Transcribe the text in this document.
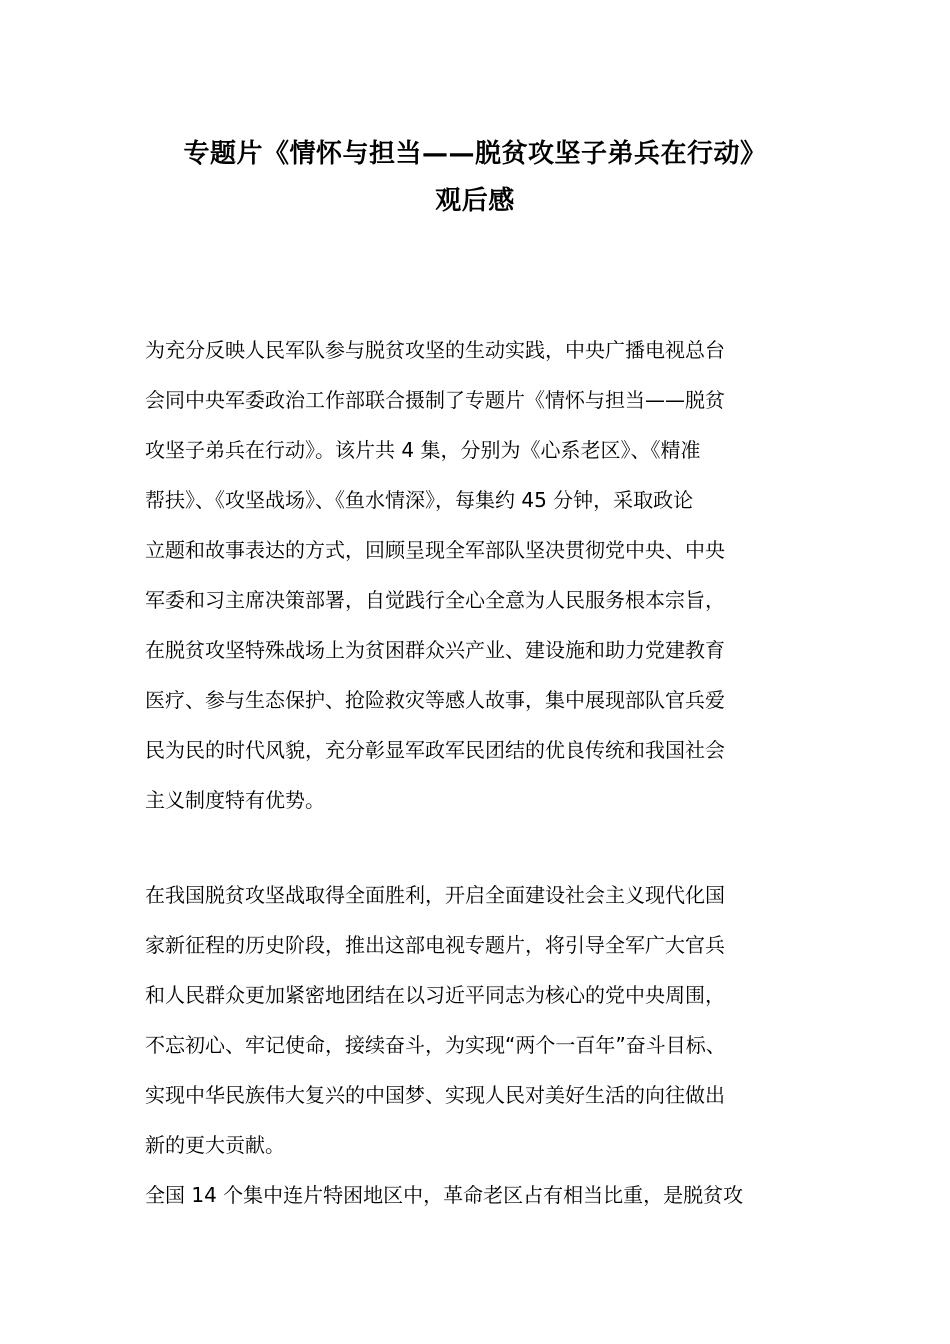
专题片《情怀与担当——脱贫攻坚子弟兵在行动》
观后感

为充分反映人民军队参与脱贫攻坚的生动实践，中央广播电视总台

会同中央军委政治工作部联合摄制了专题片《情怀与担当——脱贫

攻坚子弟兵在行动》。该片共 4 集，分别为《心系老区》、《精准

帮扶》、《攻坚战场》、《鱼水情深》，每集约 45 分钟，采取政论

立题和故事表达的方式，回顾呈现全军部队坚决贯彻党中央、中央

军委和习主席决策部署，自觉践行全心全意为人民服务根本宗旨，

在脱贫攻坚特殊战场上为贫困群众兴产业、建设施和助力党建教育

医疗、参与生态保护、抢险救灾等感人故事，集中展现部队官兵爱

民为民的时代风貌，充分彰显军政军民团结的优良传统和我国社会

主义制度特有优势。

在我国脱贫攻坚战取得全面胜利，开启全面建设社会主义现代化国

家新征程的历史阶段，推出这部电视专题片，将引导全军广大官兵

和人民群众更加紧密地团结在以习近平同志为核心的党中央周围，

不忘初心、牢记使命，接续奋斗，为实现“两个一百年”奋斗目标、

实现中华民族伟大复兴的中国梦、实现人民对美好生活的向往做出

新的更大贡献。

全国 14 个集中连片特困地区中，革命老区占有相当比重，是脱贫攻
